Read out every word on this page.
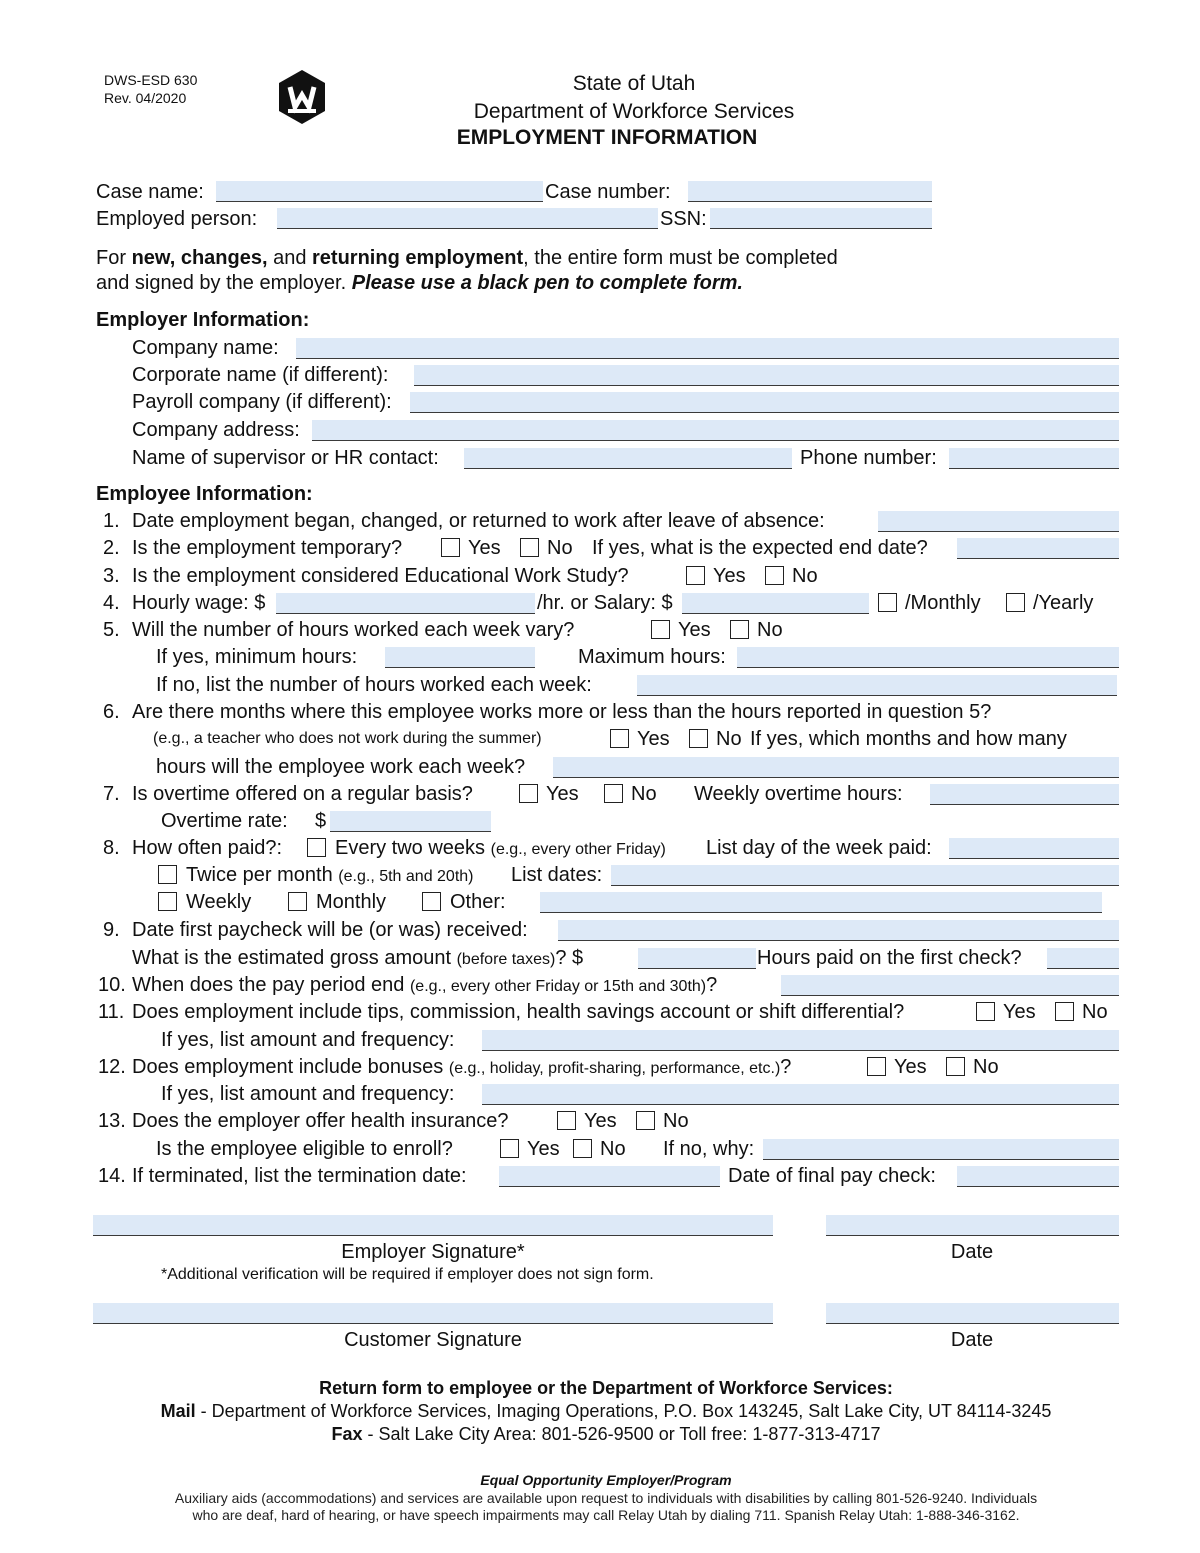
DWS-ESD 630
Rev. 04/2020
State of Utah
Department of Workforce Services
EMPLOYMENT INFORMATION
Case name:	Case number:
Employed person:	SSN:
For new, changes, and returning employment, the entire form must be completed
and signed by the employer. Please use a black pen to complete form.
Employer Information:
Company name:
Corporate name (if different):
Payroll company (if different):
Company address:
Name of supervisor or HR contact:	Phone number:
Employee Information:
1. Date employment began, changed, or returned to work after leave of absence:
2. Is the employment temporary?	Yes No If yes, what is the expected end date?
3. Is the employment considered Educational Work Study?	Yes No
4. Hourly wage: $	/hr. or Salary: $	/Monthly	/Yearly
5. Will the number of hours worked each week vary?	Yes No
If yes, minimum hours:	Maximum hours:
If no, list the number of hours worked each week:
6. Are there months where this employee works more or less than the hours reported in question 5?
(e.g., a teacher who does not work during the summer)	Yes No If yes, which months and how many
hours will the employee work each week?
7. Is overtime offered on a regular basis?	Yes	No Weekly overtime hours:
Overtime rate: $
8. How often paid?:	Every two weeks (e.g., every other Friday) List day of the week paid:
Twice per month (e.g., 5th and 20th) List dates:
Weekly	Monthly	Other:
9. Date first paycheck will be (or was) received:
What is the estimated gross amount (before taxes)? $	Hours paid on the first check?
10. When does the pay period end (e.g., every other Friday or 15th and 30th)?
11. Does employment include tips, commission, health savings account or shift differential?	Yes No
If yes, list amount and frequency:
12. Does employment include bonuses (e.g., holiday, profit-sharing, performance, etc.)?	Yes No
If yes, list amount and frequency:
13. Does the employer offer health insurance?	Yes No
Is the employee eligible to enroll?	Yes No If no, why:
14. If terminated, list the termination date:	Date of final pay check:
Employer Signature*	Date
*Additional verification will be required if employer does not sign form.
Customer Signature	Date
Return form to employee or the Department of Workforce Services:
Mail - Department of Workforce Services, Imaging Operations, P.O. Box 143245, Salt Lake City, UT 84114-3245
Fax - Salt Lake City Area: 801-526-9500 or Toll free: 1-877-313-4717
Equal Opportunity Employer/Program
Auxiliary aids (accommodations) and services are available upon request to individuals with disabilities by calling 801-526-9240. Individuals
who are deaf, hard of hearing, or have speech impairments may call Relay Utah by dialing 711. Spanish Relay Utah: 1-888-346-3162.
